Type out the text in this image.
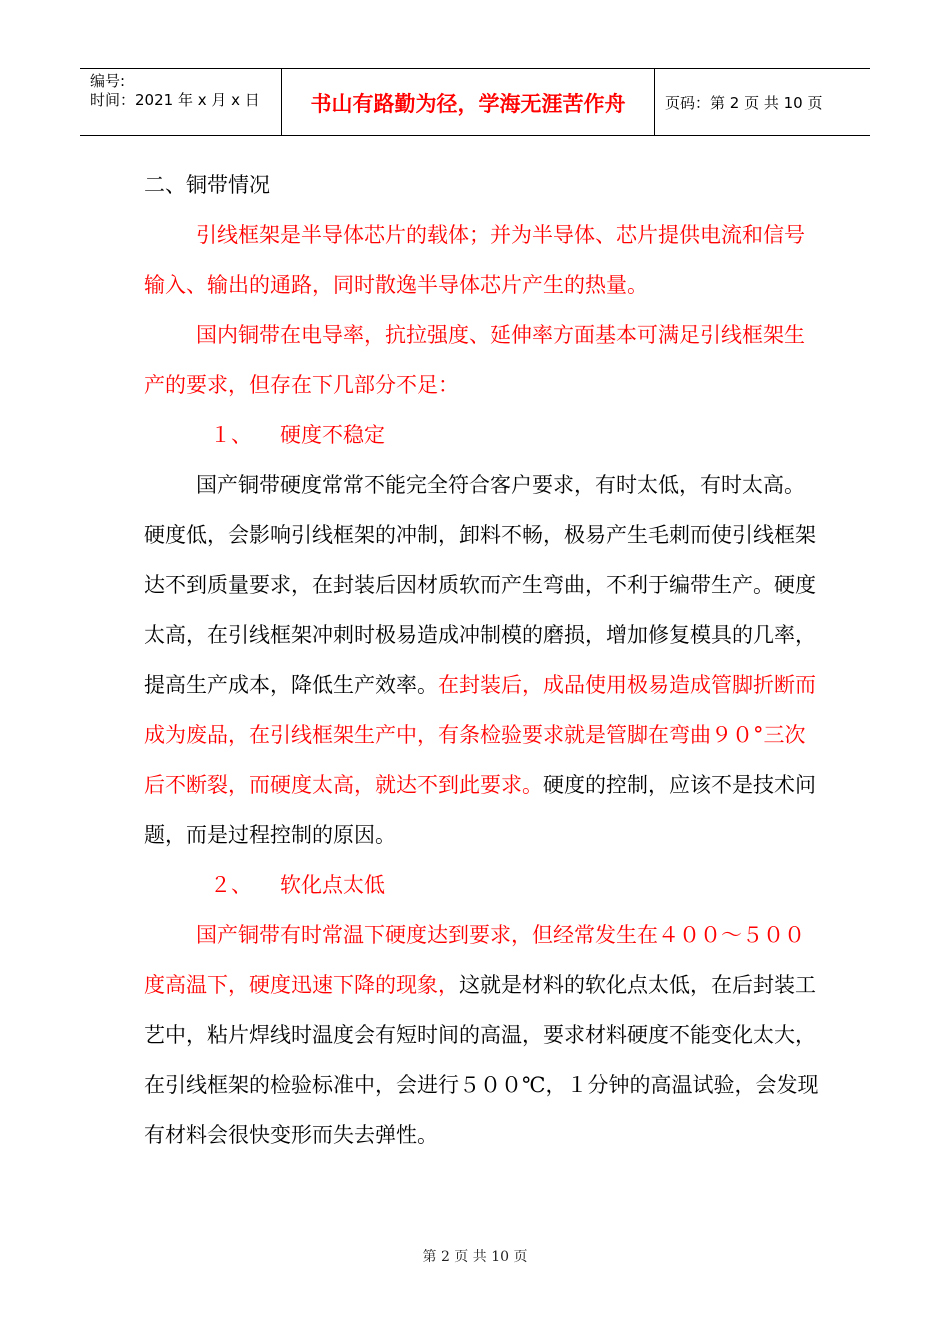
编号:
时间：2021 年 x 月 x 日	书山有路勤为径，学海无涯苦作舟	页码：第 2 页 共 10 页

二、铜带情况

引线框架是半导体芯片的载体；并为半导体、芯片提供电流和信号输入、输出的通路，同时散逸半导体芯片产生的热量。

国内铜带在电导率，抗拉强度、延伸率方面基本可满足引线框架生产的要求，但存在下几部分不足：

１、 硬度不稳定

国产铜带硬度常常不能完全符合客户要求，有时太低，有时太高。硬度低，会影响引线框架的冲制，卸料不畅，极易产生毛刺而使引线框架达不到质量要求，在封装后因材质软而产生弯曲，不利于编带生产。硬度太高，在引线框架冲刺时极易造成冲制模的磨损，增加修复模具的几率，提高生产成本，降低生产效率。在封装后，成品使用极易造成管脚折断而成为废品，在引线框架生产中，有条检验要求就是管脚在弯曲９０°三次后不断裂，而硬度太高，就达不到此要求。硬度的控制，应该不是技术问题，而是过程控制的原因。

２、 软化点太低

国产铜带有时常温下硬度达到要求，但经常发生在４００～５００度高温下，硬度迅速下降的现象，这就是材料的软化点太低，在后封装工艺中，粘片焊线时温度会有短时间的高温，要求材料硬度不能变化太大，在引线框架的检验标准中，会进行５００℃，１分钟的高温试验，会发现有材料会很快变形而失去弹性。

第 2 页 共 10 页
